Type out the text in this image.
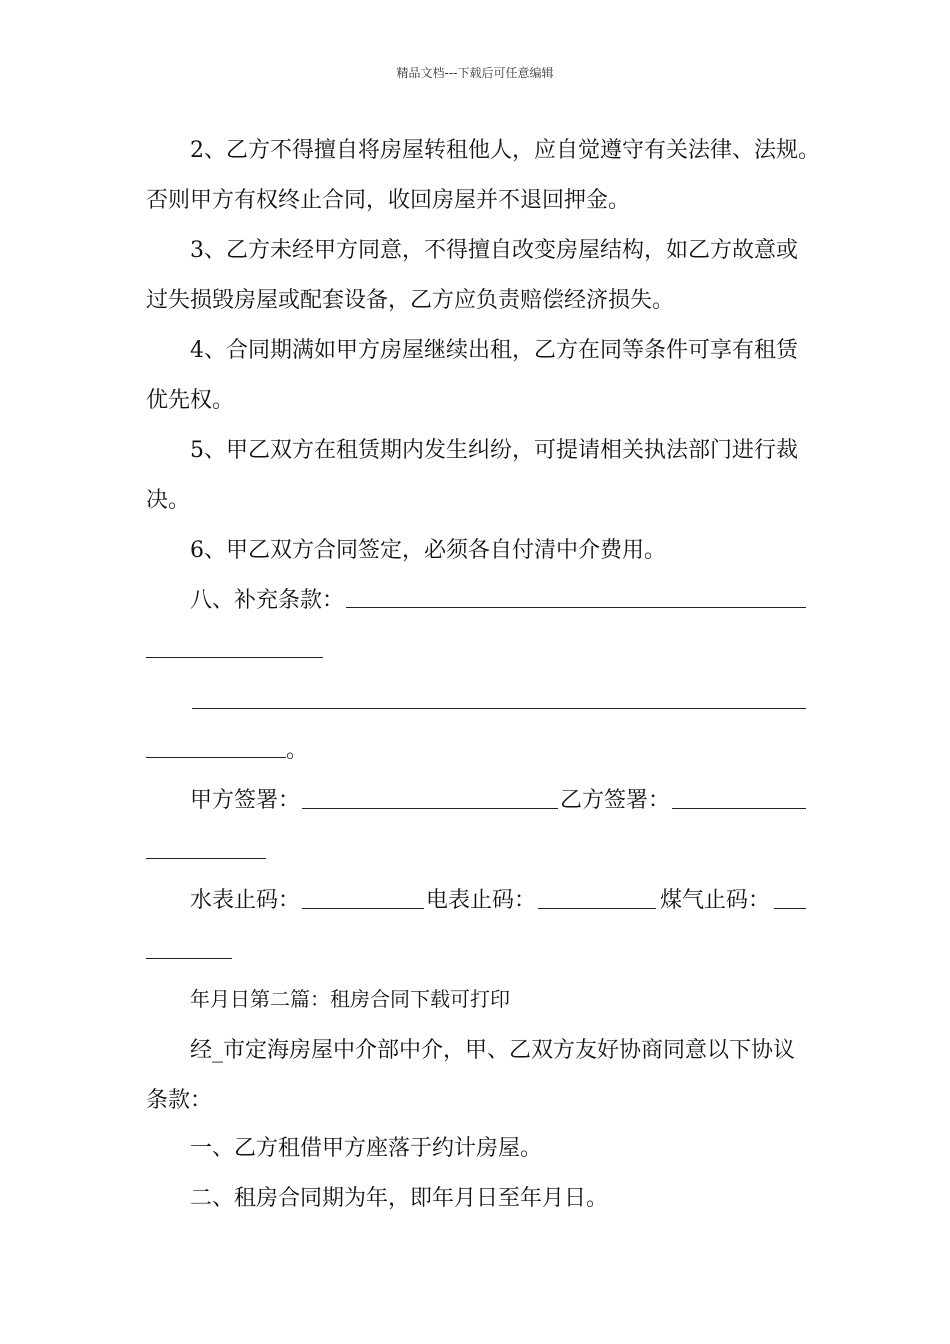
精品文档---下载后可任意编辑
2、乙方不得擅自将房屋转租他人，应自觉遵守有关法律、法规。
否则甲方有权终止合同，收回房屋并不退回押金。
3、乙方未经甲方同意，不得擅自改变房屋结构，如乙方故意或
过失损毁房屋或配套设备，乙方应负责赔偿经济损失。
4、合同期满如甲方房屋继续出租，乙方在同等条件可享有租赁
优先权。
5、甲乙双方在租赁期内发生纠纷，可提请相关执法部门进行裁
决。
6、甲乙双方合同签定，必须各自付清中介费用。
八、补充条款：
。
甲方签署：	乙方签署：
水表止码：	电表止码：	煤气止码：
年月日第二篇：租房合同下载可打印
经_市定海房屋中介部中介，甲、乙双方友好协商同意以下协议
条款：
一、乙方租借甲方座落于约计房屋。
二、租房合同期为年，即年月日至年月日。
